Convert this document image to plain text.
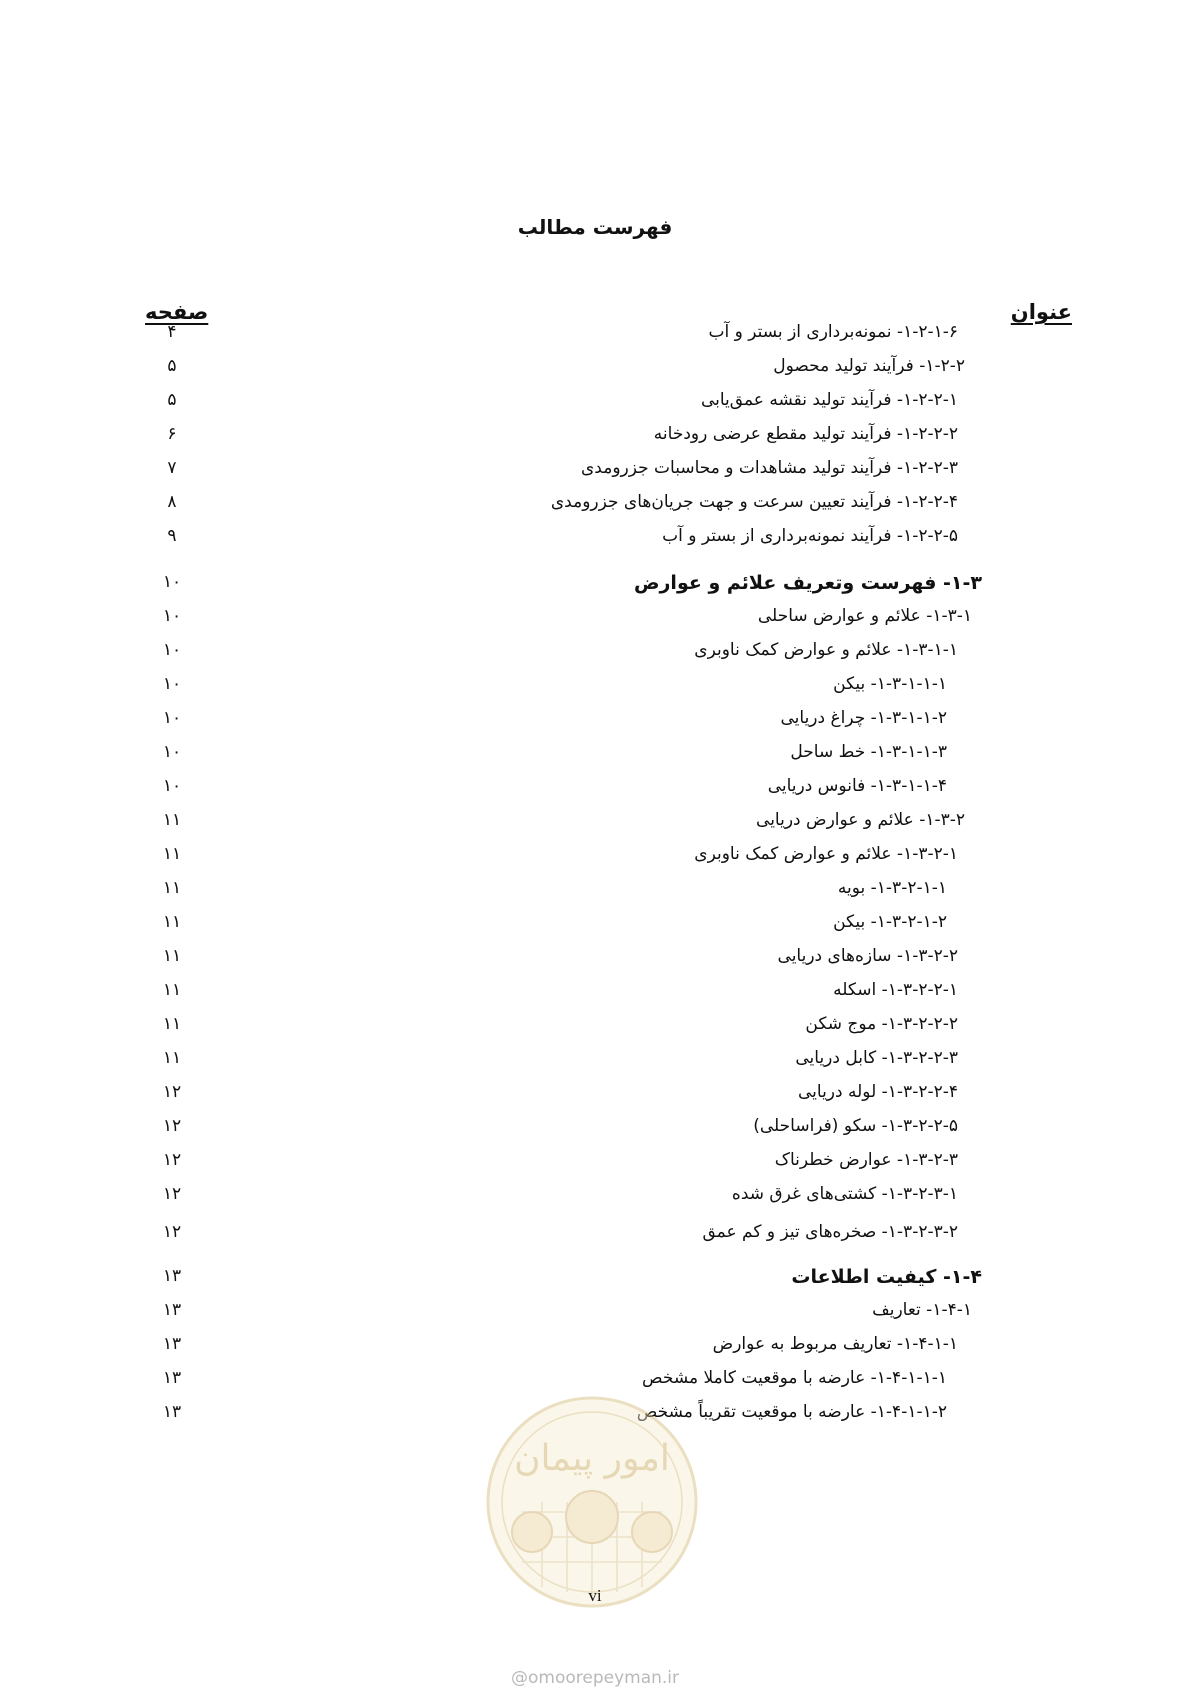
فهرست مطالب
عنوان
صفحه
۱-۲-۱-۶- نمونه‌برداری از بستر و آب
۴
۱-۲-۲- فرآیند تولید محصول
۵
۱-۲-۲-۱- فرآیند تولید نقشه عمق‌یابی
۵
۱-۲-۲-۲- فرآیند تولید مقطع عرضی رودخانه
۶
۱-۲-۲-۳- فرآیند تولید مشاهدات و محاسبات جزرومدی
۷
۱-۲-۲-۴- فرآیند تعیین سرعت و جهت جریان‌های جزرومدی
۸
۱-۲-۲-۵- فرآیند نمونه‌برداری از بستر و آب
۹
۱-۳- فهرست وتعریف علائم و عوارض
۱۰
۱-۳-۱- علائم و عوارض ساحلی
۱۰
۱-۳-۱-۱- علائم و عوارض کمک ناوبری
۱۰
۱-۳-۱-۱-۱- بیکن
۱۰
۱-۳-۱-۱-۲- چراغ دریایی
۱۰
۱-۳-۱-۱-۳- خط ساحل
۱۰
۱-۳-۱-۱-۴- فانوس دریایی
۱۰
۱-۳-۲- علائم و عوارض دریایی
۱۱
۱-۳-۲-۱- علائم و عوارض کمک ناوبری
۱۱
۱-۳-۲-۱-۱- بویه
۱۱
۱-۳-۲-۱-۲- بیکن
۱۱
۱-۳-۲-۲- سازه‌های دریایی
۱۱
۱-۳-۲-۲-۱- اسکله
۱۱
۱-۳-۲-۲-۲- موج شکن
۱۱
۱-۳-۲-۲-۳- کابل دریایی
۱۱
۱-۳-۲-۲-۴- لوله دریایی
۱۲
۱-۳-۲-۲-۵- سکو (فراساحلی)
۱۲
۱-۳-۲-۳- عوارض خطرناک
۱۲
۱-۳-۲-۳-۱- کشتی‌های غرق شده
۱۲
۱-۳-۲-۳-۲- صخره‌های تیز و کم عمق
۱۲
۱-۴- کیفیت اطلاعات
۱۳
۱-۴-۱- تعاریف
۱۳
۱-۴-۱-۱- تعاریف مربوط به عوارض
۱۳
۱-۴-۱-۱-۱- عارضه با موقعیت کاملا مشخص
۱۳
۱-۴-۱-۱-۲- عارضه با موقعیت تقریباً مشخص
۱۳
امور پیمان
vi
@omoorepeyman.ir
